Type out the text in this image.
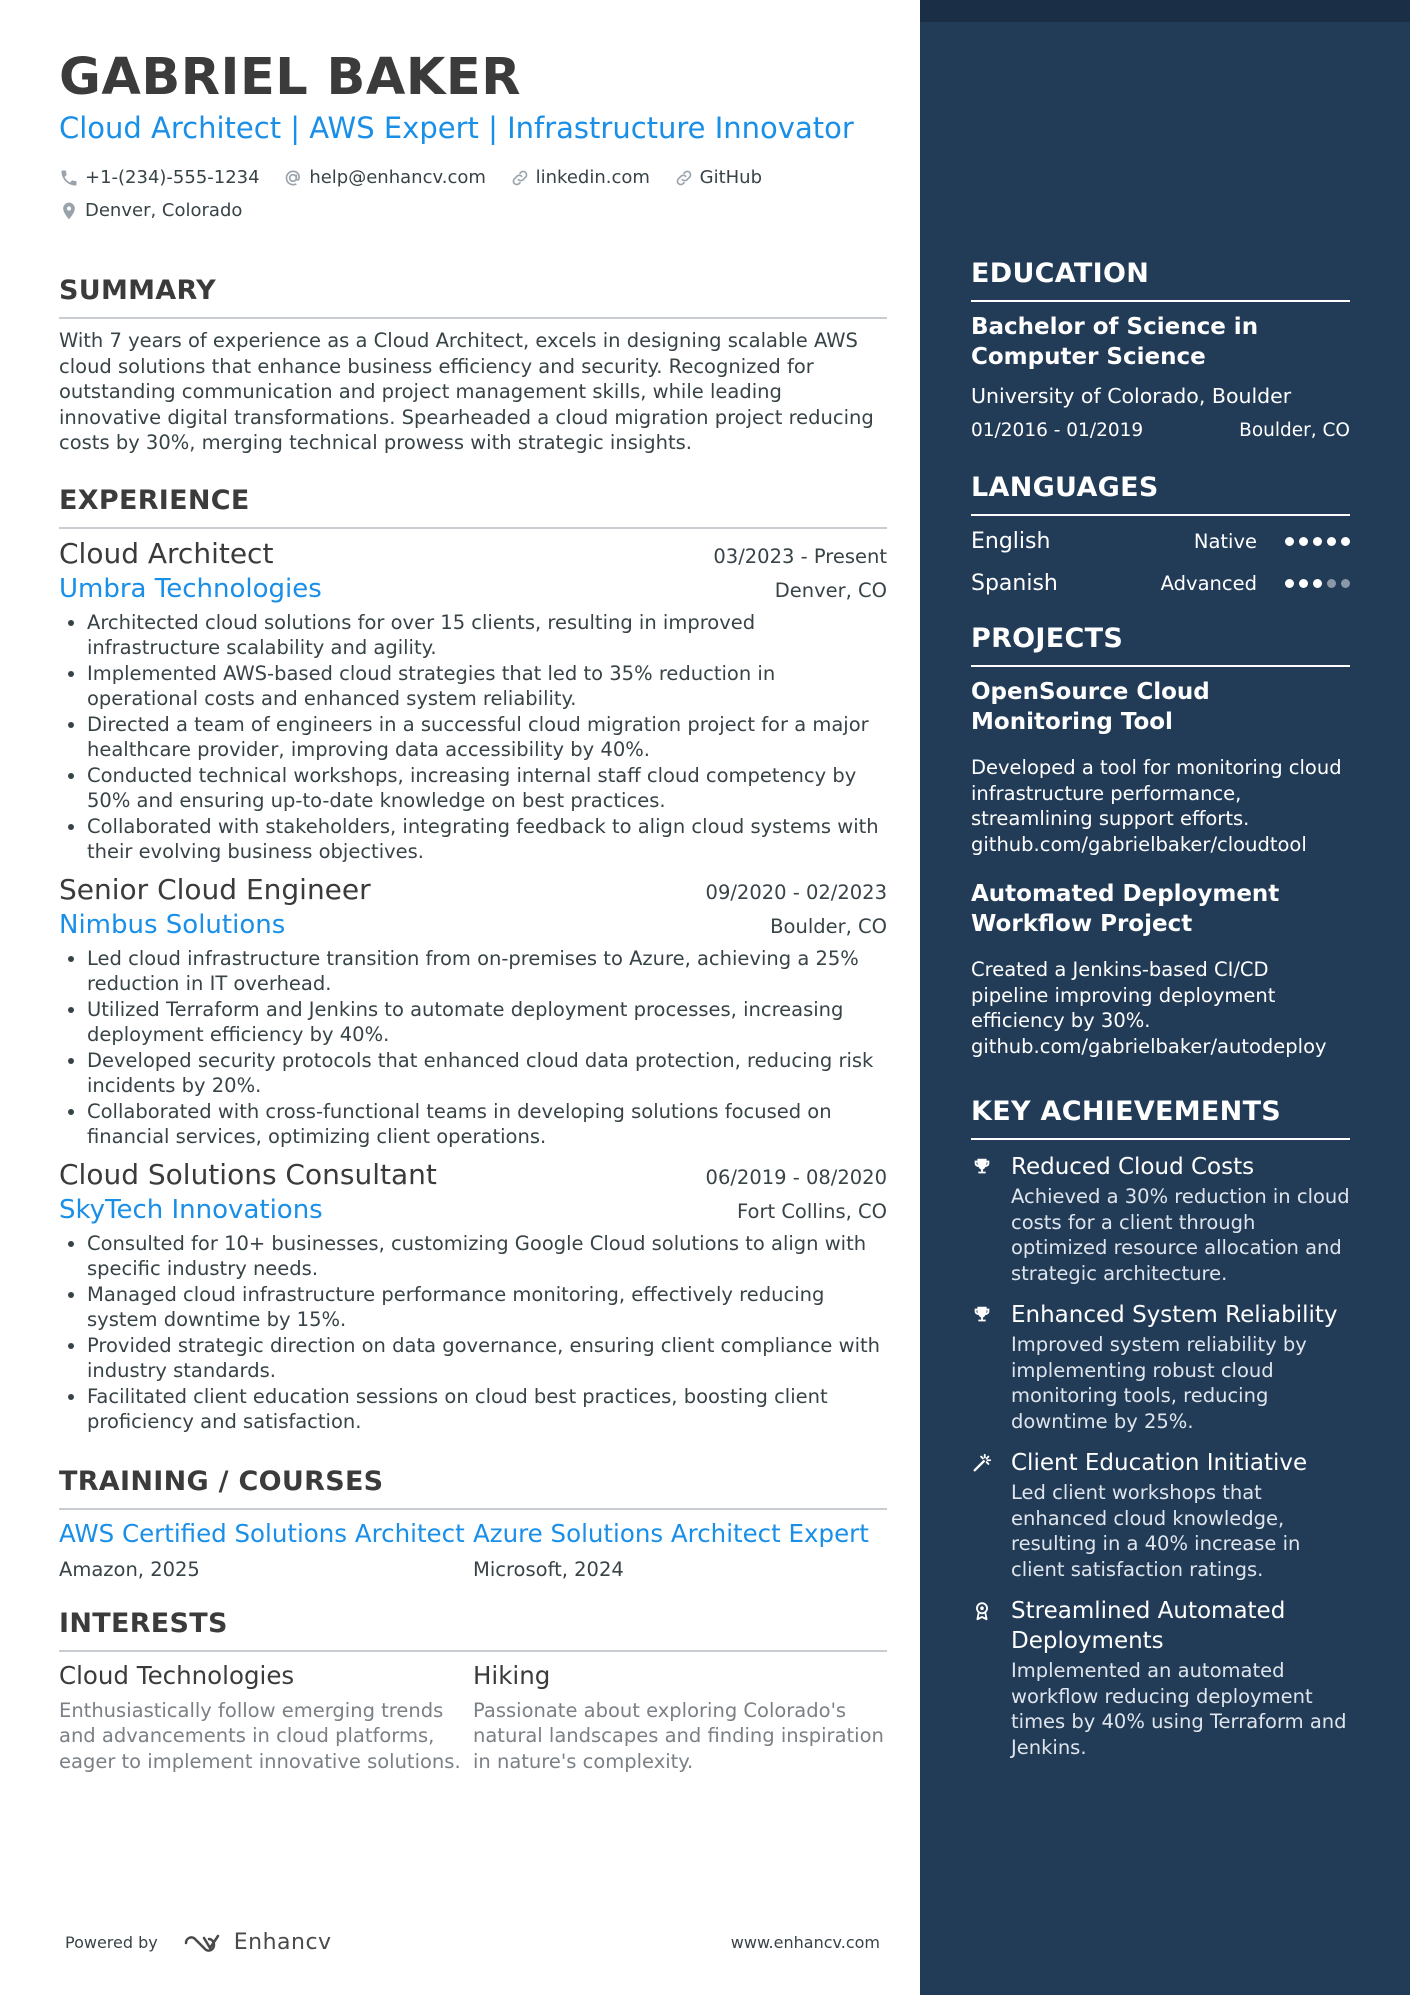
GABRIEL BAKER
Cloud Architect | AWS Expert | Infrastructure Innovator
+1-(234)-555-1234
	help@enhancv.com
	linkedin.com
	GitHub

Denver, Colorado
SUMMARY
With 7 years of experience as a Cloud Architect, excels in designing scalable AWS cloud solutions that enhance business efficiency and security. Recognized for outstanding communication and project management skills, while leading innovative digital transformations. Spearheaded a cloud migration project reducing costs by 30%, merging technical prowess with strategic insights.
EXPERIENCE
Cloud Architect	03/2023 - Present
Umbra Technologies	Denver, CO
• Architected cloud solutions for over 15 clients, resulting in improved infrastructure scalability and agility.
• Implemented AWS-based cloud strategies that led to 35% reduction in operational costs and enhanced system reliability.
• Directed a team of engineers in a successful cloud migration project for a major healthcare provider, improving data accessibility by 40%.
• Conducted technical workshops, increasing internal staff cloud competency by 50% and ensuring up-to-date knowledge on best practices.
• Collaborated with stakeholders, integrating feedback to align cloud systems with their evolving business objectives.
Senior Cloud Engineer	09/2020 - 02/2023
Nimbus Solutions	Boulder, CO
• Led cloud infrastructure transition from on-premises to Azure, achieving a 25% reduction in IT overhead.
• Utilized Terraform and Jenkins to automate deployment processes, increasing deployment efficiency by 40%.
• Developed security protocols that enhanced cloud data protection, reducing risk incidents by 20%.
• Collaborated with cross-functional teams in developing solutions focused on financial services, optimizing client operations.
Cloud Solutions Consultant	06/2019 - 08/2020
SkyTech Innovations	Fort Collins, CO
• Consulted for 10+ businesses, customizing Google Cloud solutions to align with specific industry needs.
• Managed cloud infrastructure performance monitoring, effectively reducing system downtime by 15%.
• Provided strategic direction on data governance, ensuring client compliance with industry standards.
• Facilitated client education sessions on cloud best practices, boosting client proficiency and satisfaction.
TRAINING / COURSES
AWS Certified Solutions Architect
Amazon, 2025
Azure Solutions Architect Expert
Microsoft, 2024
INTERESTS
Cloud Technologies
Enthusiastically follow emerging trends and advancements in cloud platforms, eager to implement innovative solutions.
Hiking
Passionate about exploring Colorado's natural landscapes and finding inspiration in nature's complexity.
Powered by	Enhancv	www.enhancv.com
EDUCATION
Bachelor of Science in Computer Science
University of Colorado, Boulder
01/2016 - 01/2019	Boulder, CO
LANGUAGES
English	Native
Spanish	Advanced
PROJECTS
OpenSource Cloud Monitoring Tool
Developed a tool for monitoring cloud infrastructure performance, streamlining support efforts. github.com/gabrielbaker/cloudtool
Automated Deployment Workflow Project
Created a Jenkins-based CI/CD pipeline improving deployment efficiency by 30%. github.com/gabrielbaker/autodeploy
KEY ACHIEVEMENTS
Reduced Cloud Costs
Achieved a 30% reduction in cloud costs for a client through optimized resource allocation and strategic architecture.
Enhanced System Reliability
Improved system reliability by implementing robust cloud monitoring tools, reducing downtime by 25%.
Client Education Initiative
Led client workshops that enhanced cloud knowledge, resulting in a 40% increase in client satisfaction ratings.
Streamlined Automated Deployments
Implemented an automated workflow reducing deployment times by 40% using Terraform and Jenkins.
